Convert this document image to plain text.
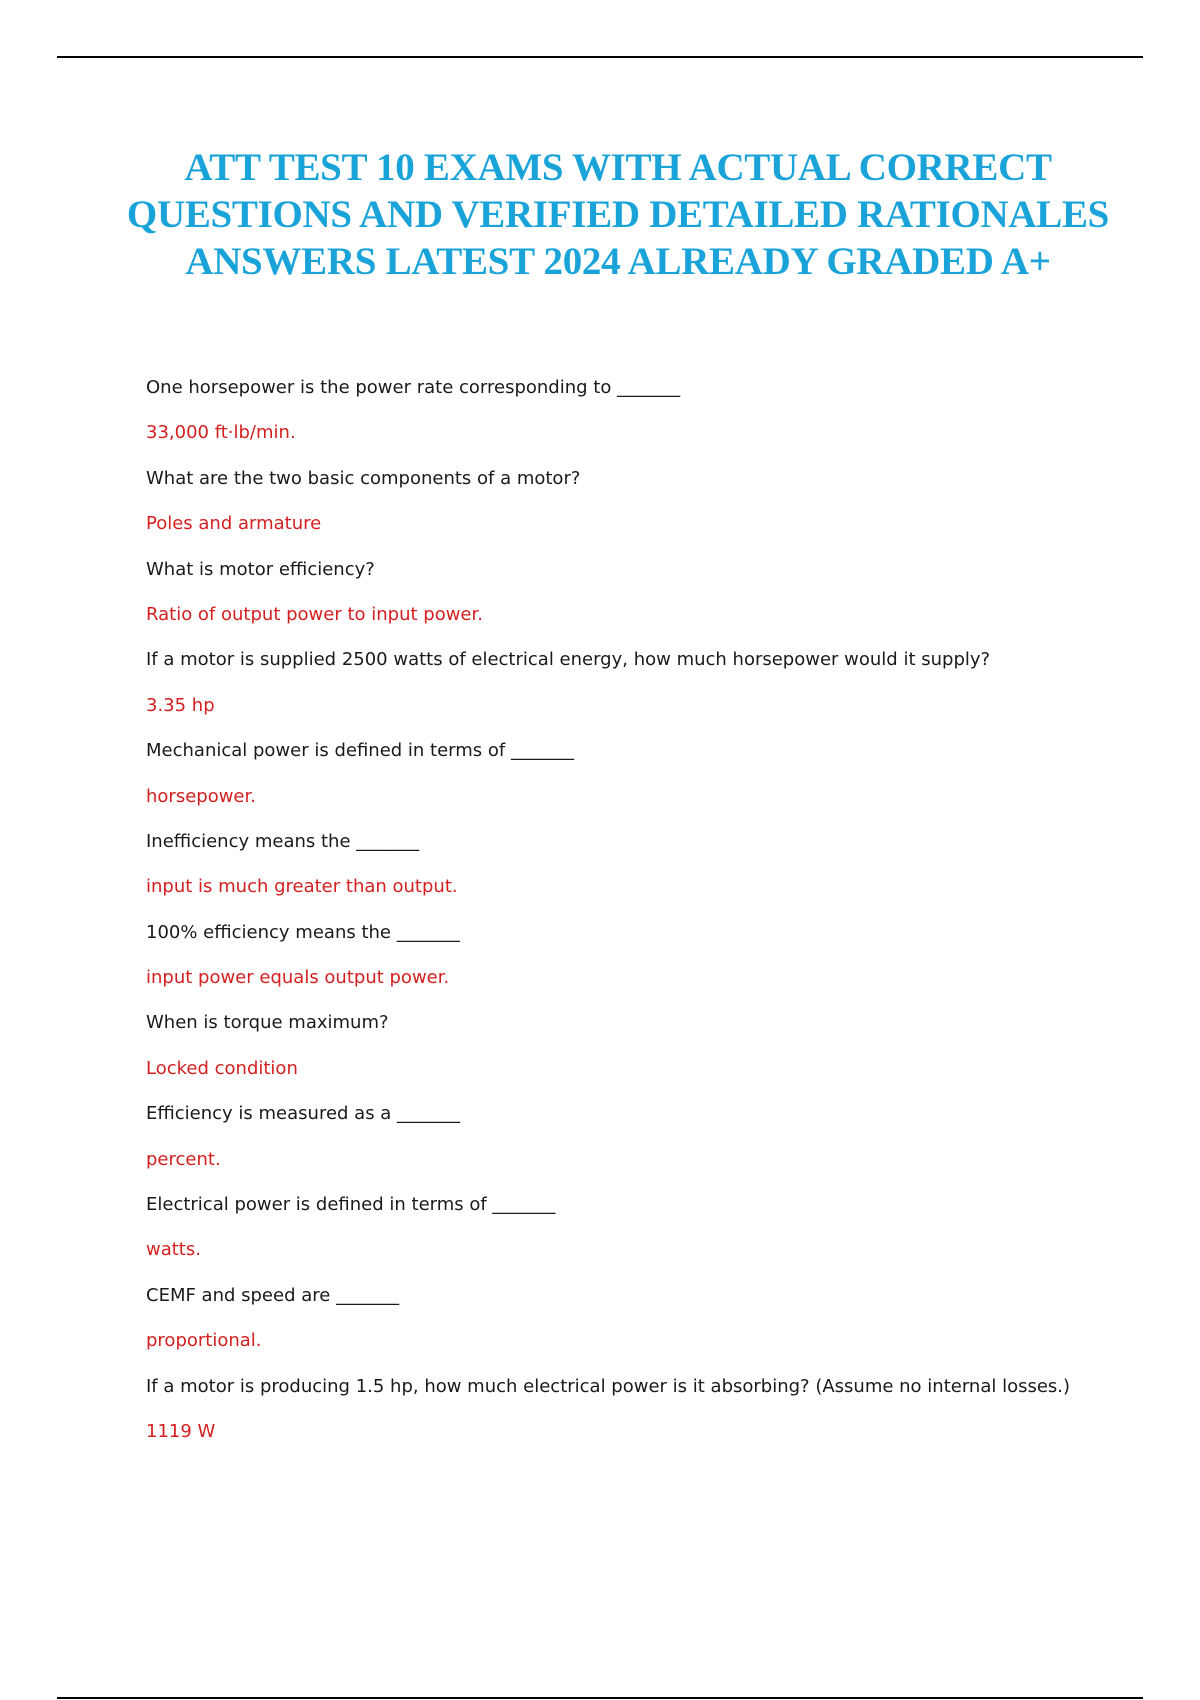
ATT TEST 10 EXAMS WITH ACTUAL CORRECT QUESTIONS AND VERIFIED DETAILED RATIONALES ANSWERS LATEST 2024 ALREADY GRADED A+
One horsepower is the power rate corresponding to _______
33,000 ft·lb/min.
What are the two basic components of a motor?
Poles and armature
What is motor efficiency?
Ratio of output power to input power.
If a motor is supplied 2500 watts of electrical energy, how much horsepower would it supply?
3.35 hp
Mechanical power is defined in terms of _______
horsepower.
Inefficiency means the _______
input is much greater than output.
100% efficiency means the _______
input power equals output power.
When is torque maximum?
Locked condition
Efficiency is measured as a _______
percent.
Electrical power is defined in terms of _______
watts.
CEMF and speed are _______
proportional.
If a motor is producing 1.5 hp, how much electrical power is it absorbing? (Assume no internal losses.)
1119 W
